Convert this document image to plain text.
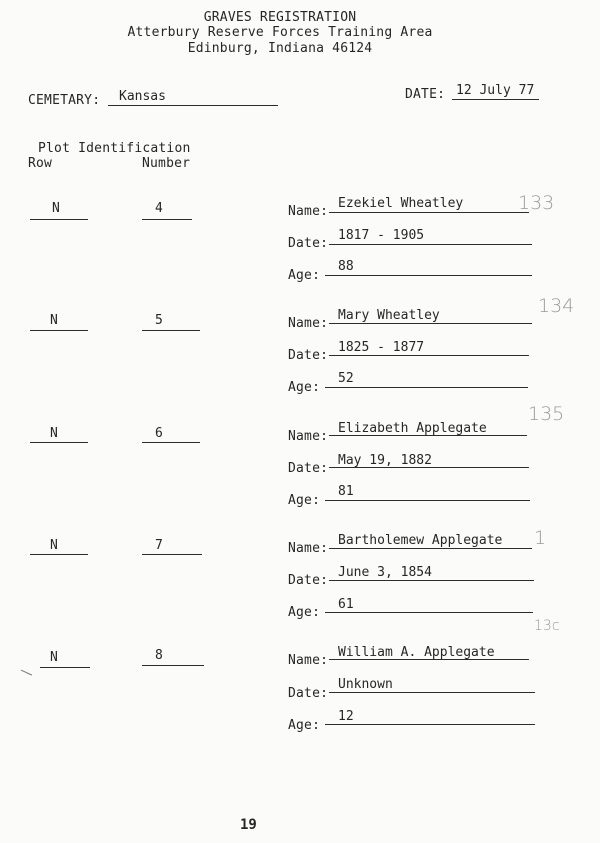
GRAVES REGISTRATION
Atterbury Reserve Forces Training Area
Edinburg, Indiana 46124
CEMETARY: Kansas	DATE: 12 July 77
Plot Identification
Row	Number
N	4	Name:
Ezekiel Wheatley
Date:
1817 - 1905
Age:
88
133
N	5	Name:
Mary Wheatley
Date:
1825 - 1877
Age:
52
134
N	6	Name:
Elizabeth Applegate
Date:
May 19, 1882
Age:
81
135
N	7	Name:
Bartholemew Applegate
Date:
June 3, 1854
Age:
61
1
N	8	Name:
William A. Applegate
Date:
Unknown
Age:
12
13c
19
